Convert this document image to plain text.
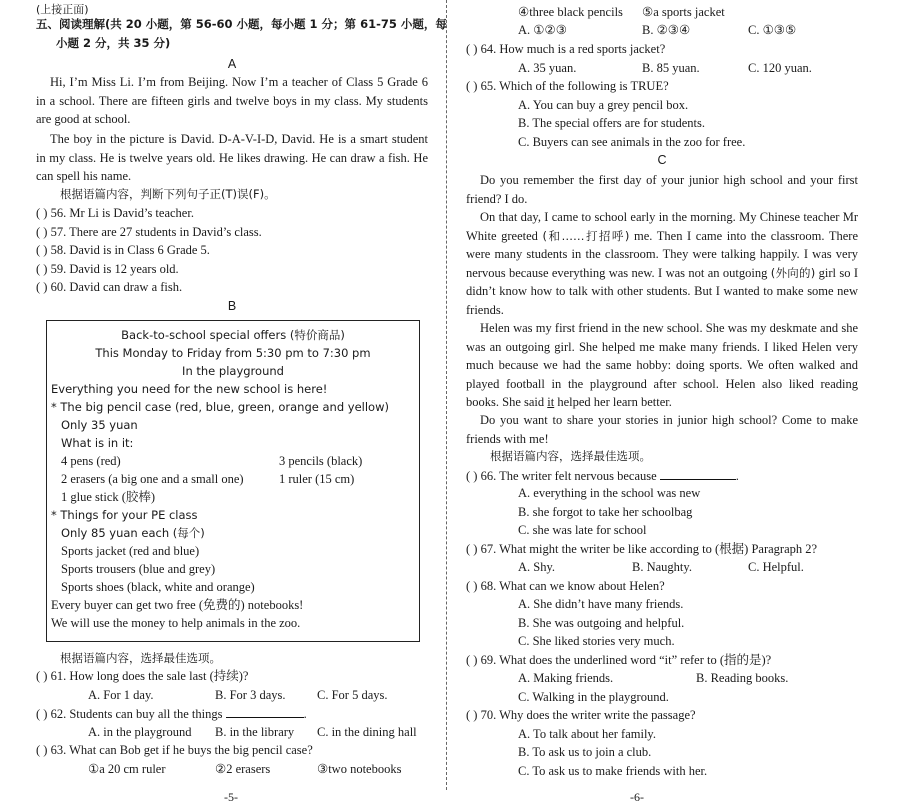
(上接正面)
五、阅读理解(共 20 小题，第 56-60 小题，每小题 1 分；第 61-75 小题，每
小题 2 分，共 35 分)
A
Hi, I’m Miss Li. I’m from Beijing. Now I’m a teacher of Class 5 Grade 6 in a school. There are fifteen girls and twelve boys in my class. My students are good at school.
The boy in the picture is David. D-A-V-I-D, David. He is a smart student in my class. He is twelve years old. He likes drawing. He can draw a fish. He can spell his name.
根据语篇内容，判断下列句子正(T)误(F)。
( ) 56. Mr Li is David’s teacher.
( ) 57. There are 27 students in David’s class.
( ) 58. David is in Class 6 Grade 5.
( ) 59. David is 12 years old.
( ) 60. David can draw a fish.
B
Back-to-school special offers (特价商品)
This Monday to Friday from 5:30 pm to 7:30 pm
In the playground
Everything you need for the new school is here!
* The big pencil case (red, blue, green, orange and yellow)
Only 35 yuan
What is in it:
4 pens (red)	3 pencils (black)
2 erasers (a big one and a small one)	1 ruler (15 cm)
1 glue stick (胶棒)
* Things for your PE class
Only 85 yuan each (每个)
Sports jacket (red and blue)
Sports trousers (blue and grey)
Sports shoes (black, white and orange)
Every buyer can get two free (免费的) notebooks!
We will use the money to help animals in the zoo.
根据语篇内容，选择最佳选项。
( ) 61. How long does the sale last (持续)?
A. For 1 day.	B. For 3 days.	C. For 5 days.
( ) 62. Students can buy all the things	.
A. in the playground B. in the library C. in the dining hall
( ) 63. What can Bob get if he buys the big pencil case?
①a 20 cm ruler	②2 erasers	③two notebooks
-5-
④three black pencils ⑤a sports jacket
A. ①②③	B. ②③④	C. ①③⑤
( ) 64. How much is a red sports jacket?
A. 35 yuan.	B. 85 yuan.	C. 120 yuan.
( ) 65. Which of the following is TRUE?
A. You can buy a grey pencil box.
B. The special offers are for students.
C. Buyers can see animals in the zoo for free.
C
Do you remember the first day of your junior high school and your first friend? I do.
On that day, I came to school early in the morning. My Chinese teacher Mr White greeted (和……打招呼) me. Then I came into the classroom. There were many students in the classroom. They were talking happily. I was very nervous because everything was new. I was not an outgoing (外向的) girl so I didn’t know how to talk with other students. But I wanted to make some new friends.
Helen was my first friend in the new school. She was my deskmate and she was an outgoing girl. She helped me make many friends. I liked Helen very much because we had the same hobby: doing sports. We often walked and played football in the playground after school. Helen also liked reading books. She said it helped her learn better.
Do you want to share your stories in junior high school? Come to make friends with me!
根据语篇内容，选择最佳选项。
( ) 66. The writer felt nervous because	.
A. everything in the school was new
B. she forgot to take her schoolbag
C. she was late for school
( ) 67. What might the writer be like according to (根据) Paragraph 2?
A. Shy.	B. Naughty.	C. Helpful.
( ) 68. What can we know about Helen?
A. She didn’t have many friends.
B. She was outgoing and helpful.
C. She liked stories very much.
( ) 69. What does the underlined word “it” refer to (指的是)?
A. Making friends.	B. Reading books.
C. Walking in the playground.
( ) 70. Why does the writer write the passage?
A. To talk about her family.
B. To ask us to join a club.
C. To ask us to make friends with her.
-6-
